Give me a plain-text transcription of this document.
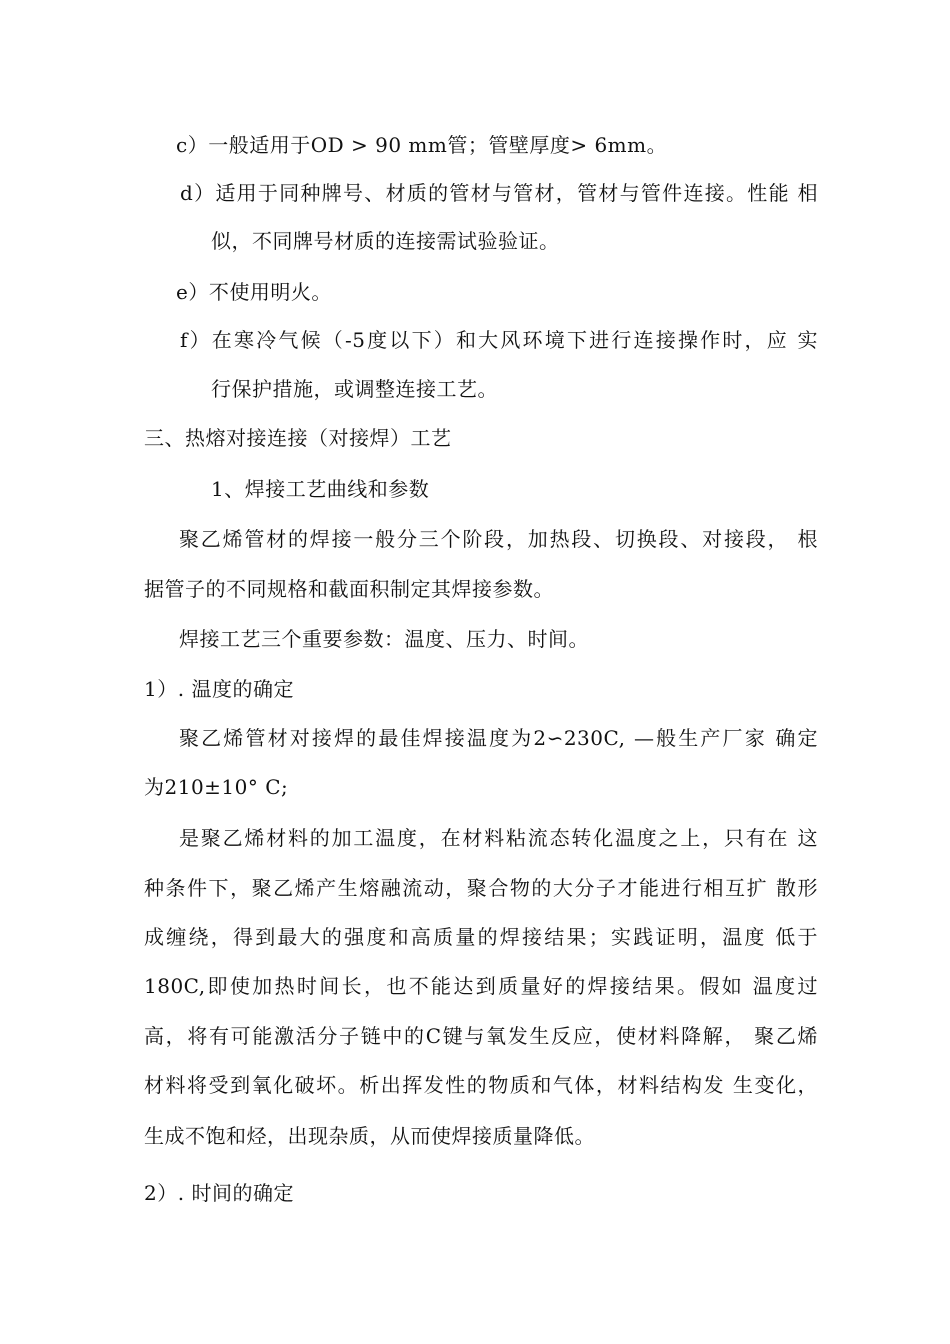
c）一般适用于OD > 90 mm管；管壁厚度> 6mm。
d）适用于同种牌号、材质的管材与管材，管材与管件连接。性能 相
似，不同牌号材质的连接需试验验证。
e）不使用明火。
f）在寒冷气候（-5度以下）和大风环境下进行连接操作时，应 实
行保护措施，或调整连接工艺。
三、热熔对接连接（对接焊）工艺
1、焊接工艺曲线和参数
聚乙烯管材的焊接一般分三个阶段，加热段、切换段、对接段， 根
据管子的不同规格和截面积制定其焊接参数。
焊接工艺三个重要参数：温度、压力、时间。
1）. 温度的确定
聚乙烯管材对接焊的最佳焊接温度为2∽230C, —般生产厂家 确定
为210±10° C;
是聚乙烯材料的加工温度，在材料粘流态转化温度之上，只有在 这
种条件下，聚乙烯产生熔融流动，聚合物的大分子才能进行相互扩 散形
成缠绕，得到最大的强度和高质量的焊接结果；实践证明，温度 低于
180C,即使加热时间长，也不能达到质量好的焊接结果。假如 温度过
高，将有可能激活分子链中的C键与氧发生反应，使材料降解， 聚乙烯
材料将受到氧化破坏。析出挥发性的物质和气体，材料结构发 生变化，
生成不饱和烃，出现杂质，从而使焊接质量降低。
2）. 时间的确定
